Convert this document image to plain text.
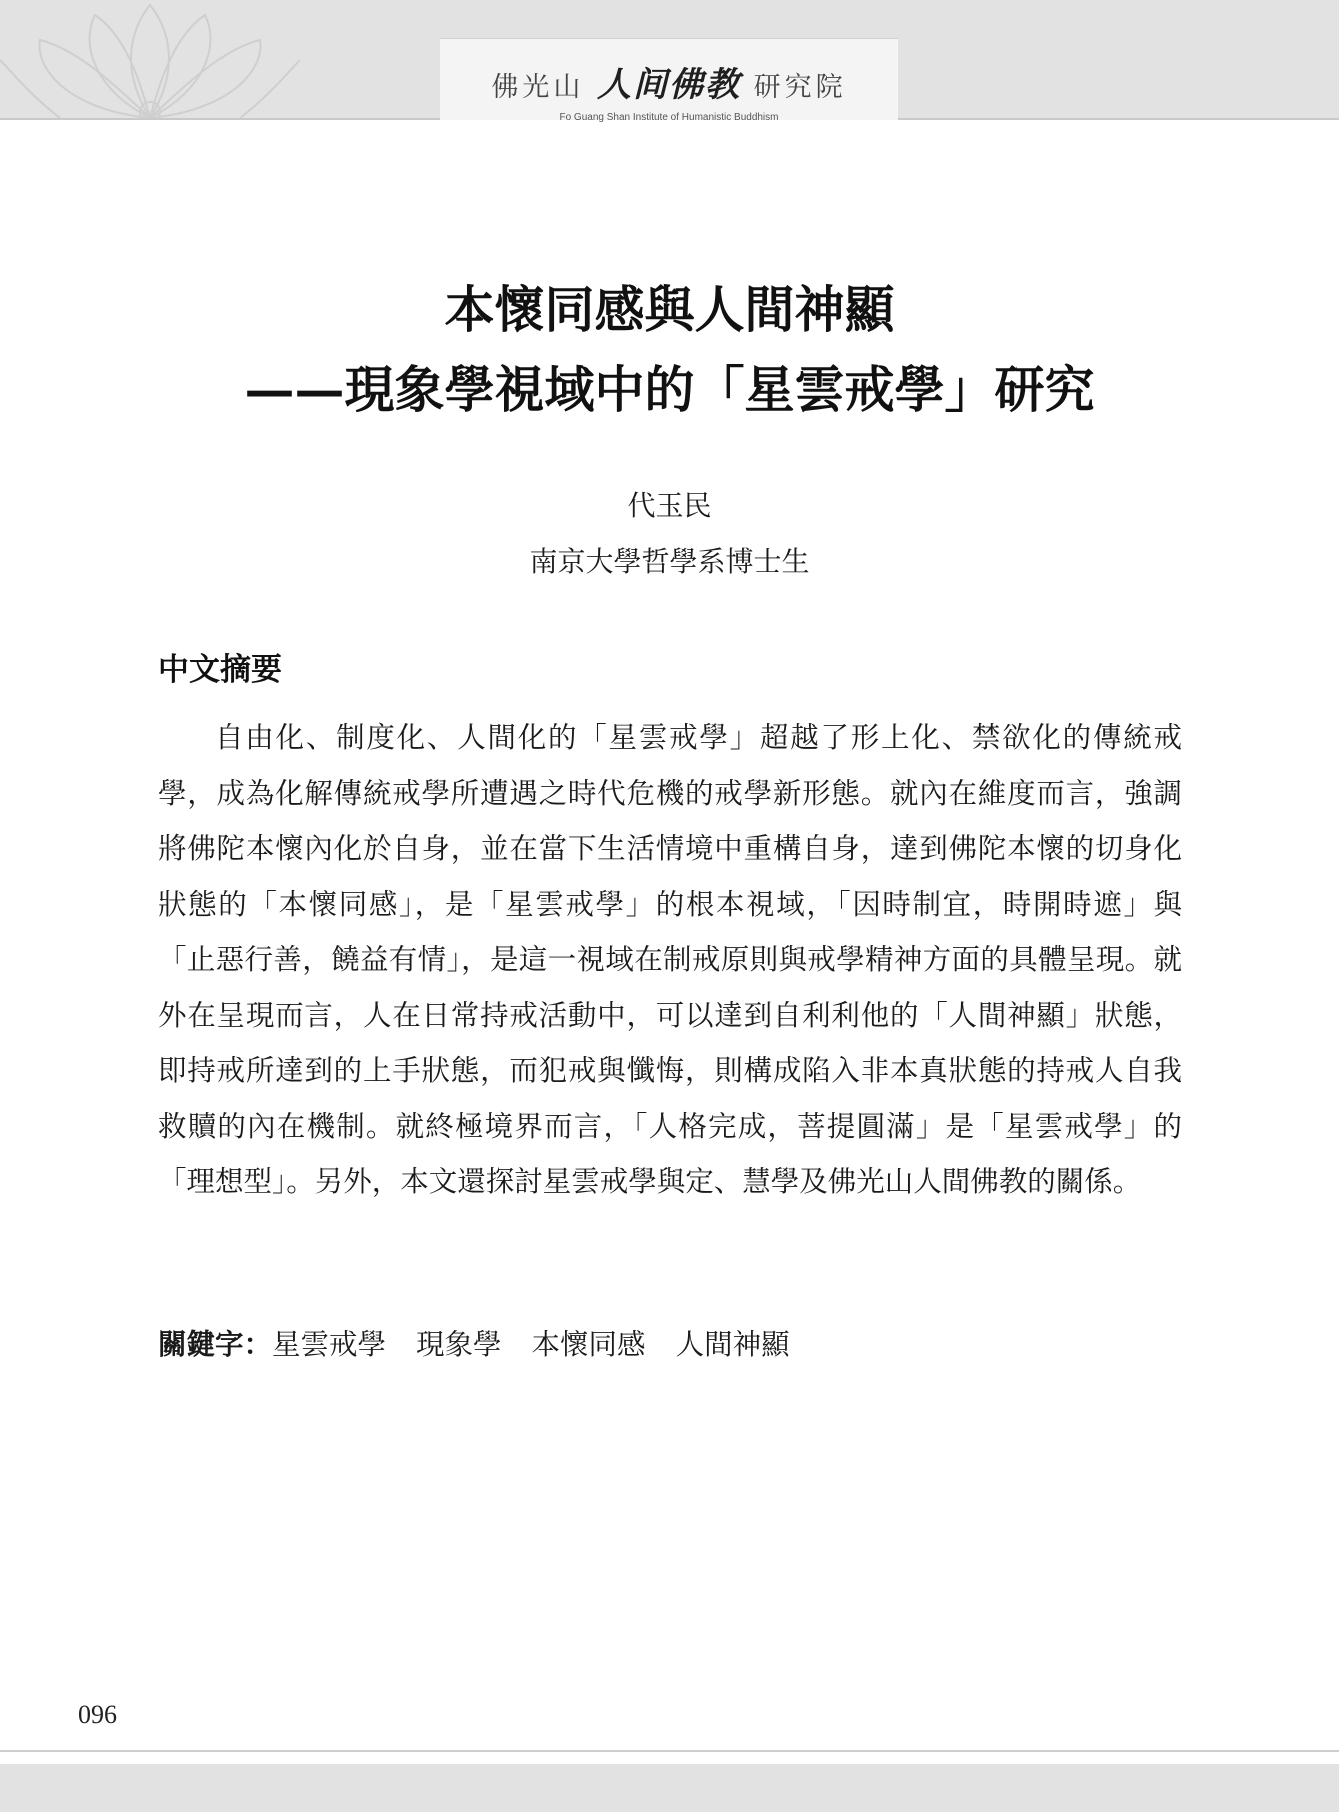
佛光山 人间佛教 研究院
Fo Guang Shan Institute of Humanistic Buddhism
本懷同感與人間神顯
——現象學視域中的「星雲戒學」研究
代玉民
南京大學哲學系博士生
中文摘要

自由化、制度化、人間化的「星雲戒學」超越了形上化、禁欲化的傳統戒學，成為化解傳統戒學所遭遇之時代危機的戒學新形態。就內在維度而言，強調將佛陀本懷內化於自身，並在當下生活情境中重構自身，達到佛陀本懷的切身化狀態的「本懷同感」，是「星雲戒學」的根本視域，「因時制宜，時開時遮」與「止惡行善，饒益有情」，是這一視域在制戒原則與戒學精神方面的具體呈現。就外在呈現而言，人在日常持戒活動中，可以達到自利利他的「人間神顯」狀態，即持戒所達到的上手狀態，而犯戒與懺悔，則構成陷入非本真狀態的持戒人自我救贖的內在機制。就終極境界而言，「人格完成，菩提圓滿」是「星雲戒學」的「理想型」。另外，本文還探討星雲戒學與定、慧學及佛光山人間佛教的關係。

關鍵字：星雲戒學 現象學 本懷同感 人間神顯
096
